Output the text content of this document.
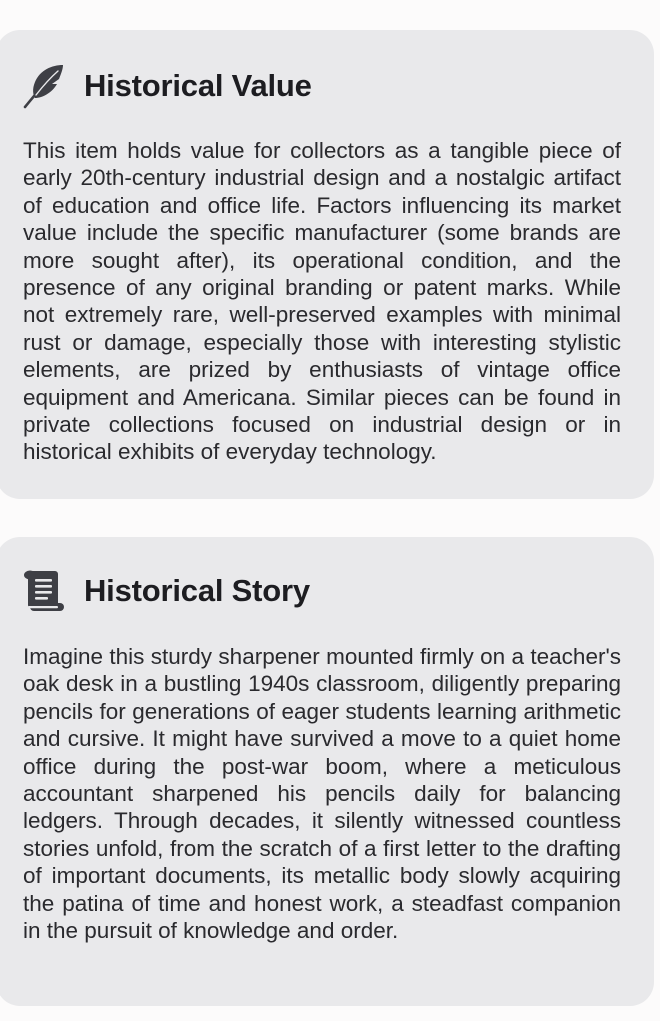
Historical Value

This item holds value for collectors as a tangible piece of early 20th-century industrial design and a nostalgic artifact of education and office life. Factors influencing its market value include the specific manufacturer (some brands are more sought after), its operational condition, and the presence of any original branding or patent marks. While not extremely rare, well-preserved examples with minimal rust or damage, especially those with interesting stylistic elements, are prized by enthusiasts of vintage office equipment and Americana. Similar pieces can be found in private collections focused on industrial design or in historical exhibits of everyday technology.

Historical Story

Imagine this sturdy sharpener mounted firmly on a teacher's oak desk in a bustling 1940s classroom, diligently preparing pencils for generations of eager students learning arithmetic and cursive. It might have survived a move to a quiet home office during the post-war boom, where a meticulous accountant sharpened his pencils daily for balancing ledgers. Through decades, it silently witnessed countless stories unfold, from the scratch of a first letter to the drafting of important documents, its metallic body slowly acquiring the patina of time and honest work, a steadfast companion in the pursuit of knowledge and order.
